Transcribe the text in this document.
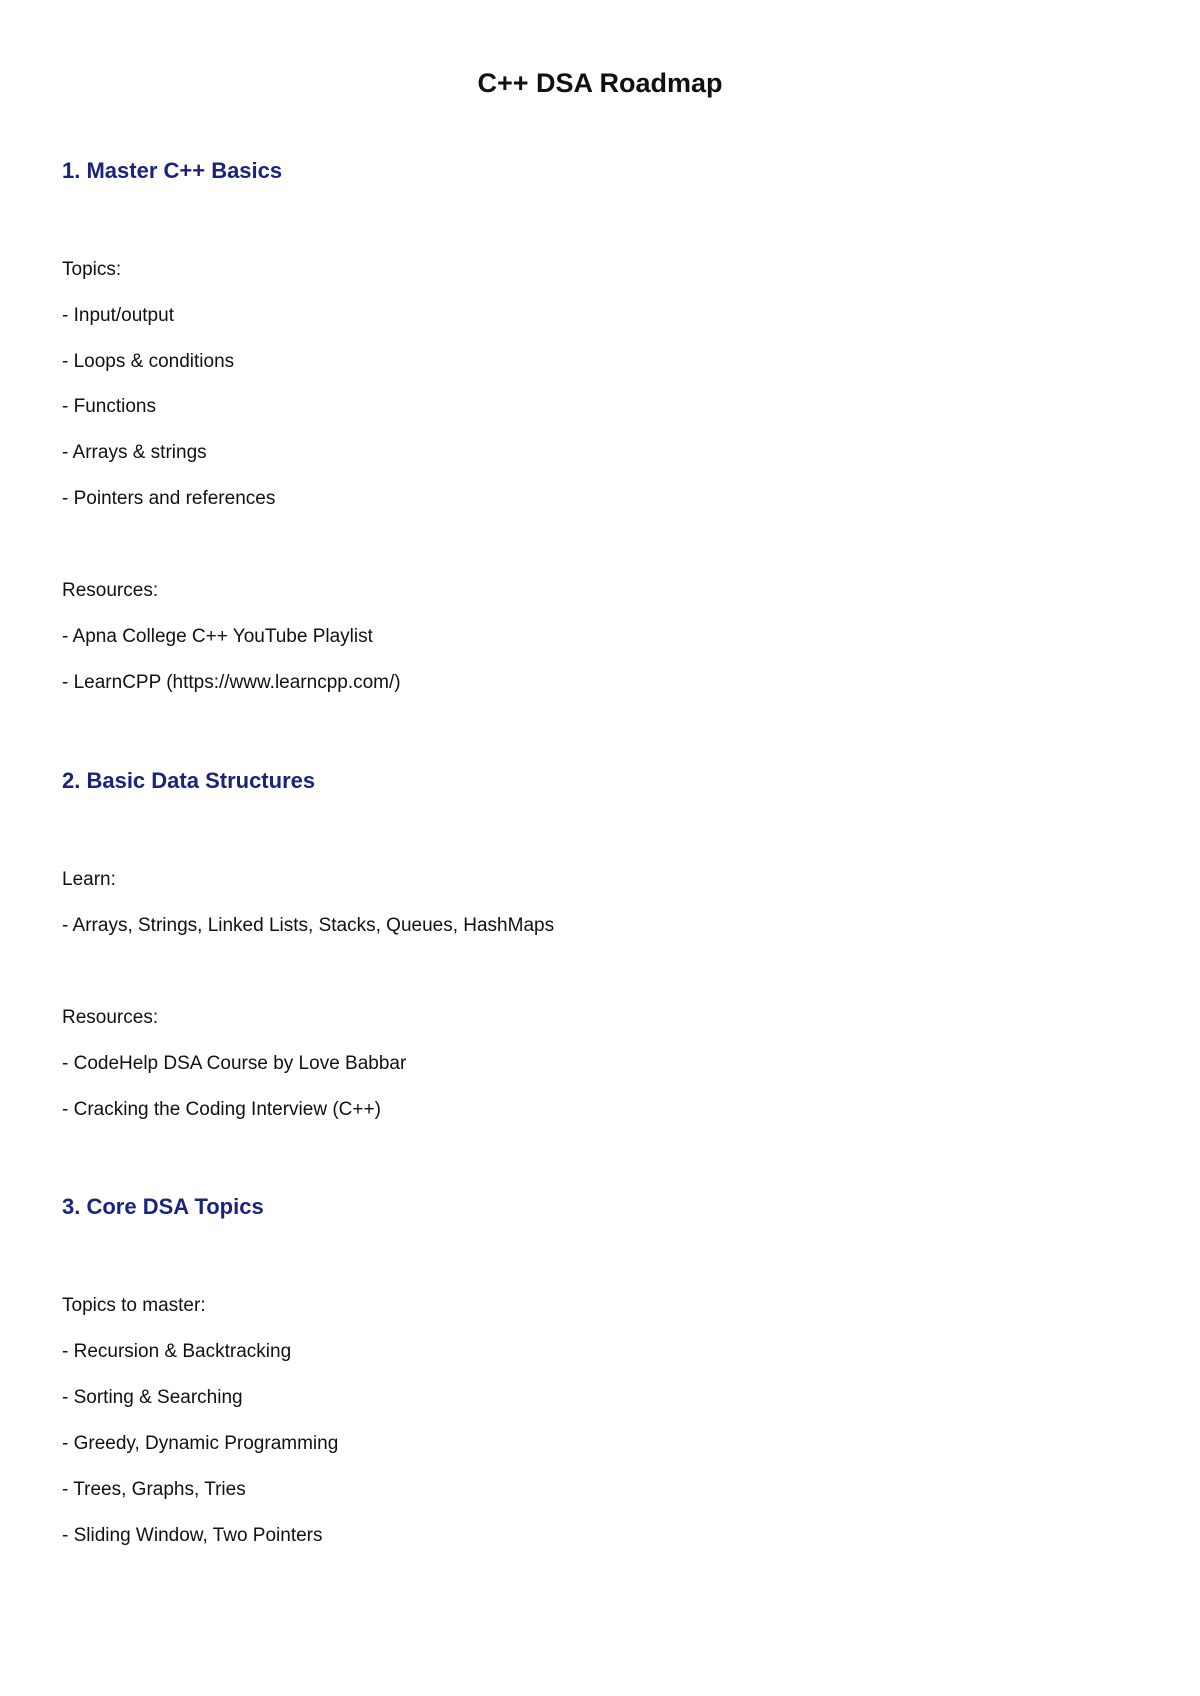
C++ DSA Roadmap
1. Master C++ Basics
Topics:
- Input/output
- Loops & conditions
- Functions
- Arrays & strings
- Pointers and references
Resources:
- Apna College C++ YouTube Playlist
- LearnCPP (https://www.learncpp.com/)
2. Basic Data Structures
Learn:
- Arrays, Strings, Linked Lists, Stacks, Queues, HashMaps
Resources:
- CodeHelp DSA Course by Love Babbar
- Cracking the Coding Interview (C++)
3. Core DSA Topics
Topics to master:
- Recursion & Backtracking
- Sorting & Searching
- Greedy, Dynamic Programming
- Trees, Graphs, Tries
- Sliding Window, Two Pointers
